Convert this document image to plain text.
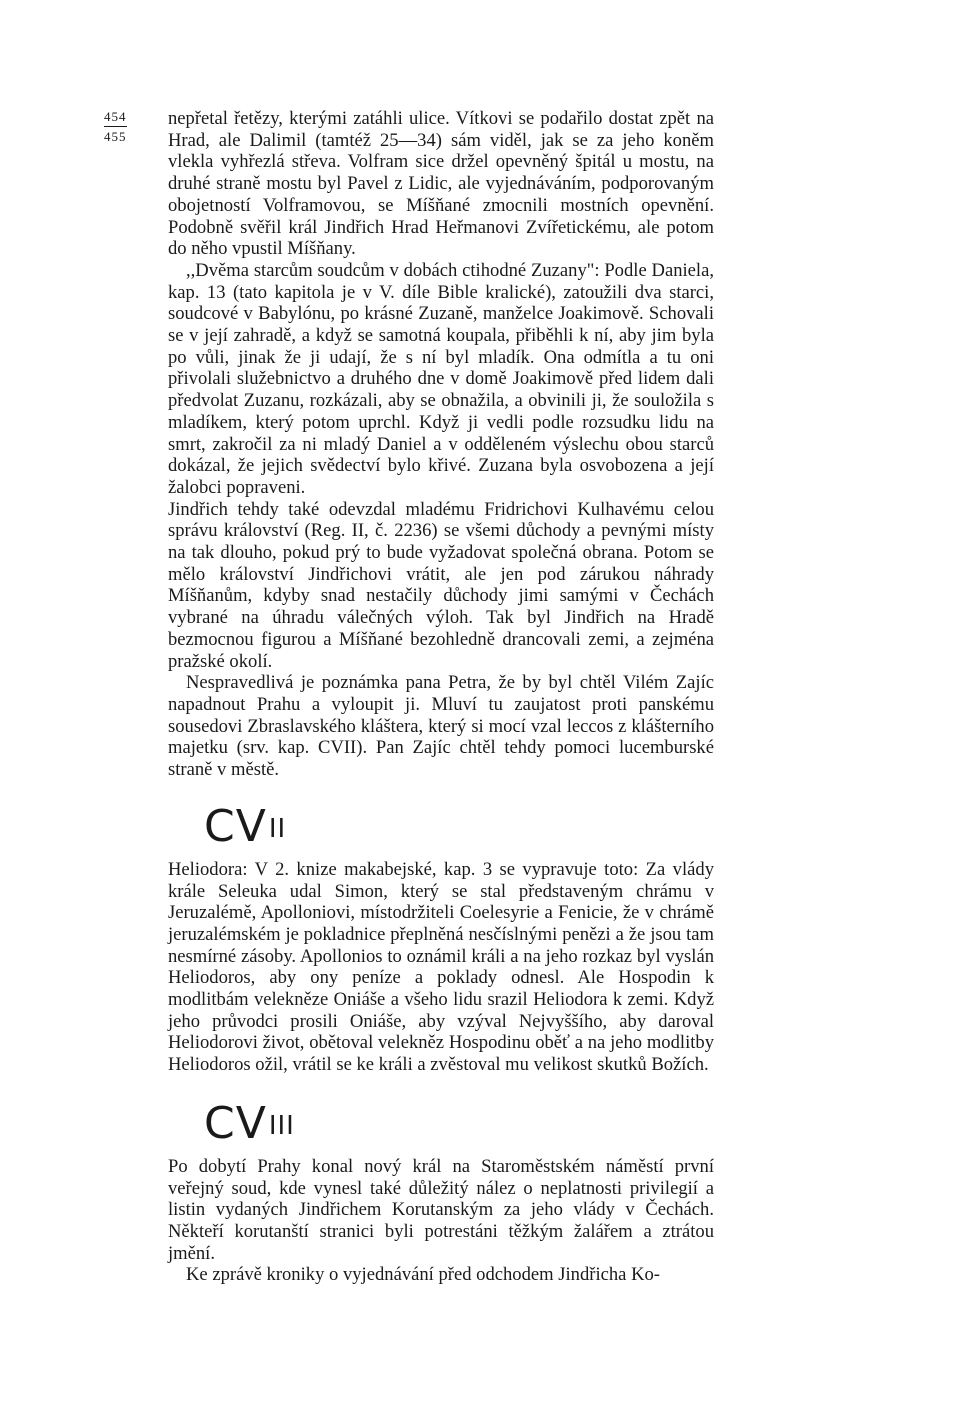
454
455

nepřetal řetězy, kterými zatáhli ulice. Vítkovi se podařilo dostat zpět na Hrad, ale Dalimil (tamtéž 25—34) sám viděl, jak se za jeho koněm vlekla vyhřezlá střeva. Volfram sice držel opevněný špitál u mostu, na druhé straně mostu byl Pavel z Lidic, ale vyjednáváním, podporovaným obojetností Volframovou, se Míšňané zmocnili mostních opevnění. Podobně svěřil král Jindřich Hrad Heřmanovi Zvířetickému, ale potom do něho vpustil Míšňany.

,,Dvěma starcům soudcům v dobách ctihodné Zuzany": Podle Daniela, kap. 13 (tato kapitola je v V. díle Bible kralické), zatoužili dva starci, soudcové v Babylónu, po krásné Zuzaně, manželce Joakimově. Schovali se v její zahradě, a když se samotná koupala, přiběhli k ní, aby jim byla po vůli, jinak že ji udají, že s ní byl mladík. Ona odmítla a tu oni přivolali služebnictvo a druhého dne v domě Joakimově před lidem dali předvolat Zuzanu, rozkázali, aby se obnažila, a obvinili ji, že souložila s mladíkem, který potom uprchl. Když ji vedli podle rozsudku lidu na smrt, zakročil za ni mladý Daniel a v odděleném výslechu obou starců dokázal, že jejich svědectví bylo křivé. Zuzana byla osvobozena a její žalobci popraveni.

Jindřich tehdy také odevzdal mladému Fridrichovi Kulhavému celou správu království (Reg. II, č. 2236) se všemi důchody a pevnými místy na tak dlouho, pokud prý to bude vyžadovat společná obrana. Potom se mělo království Jindřichovi vrátit, ale jen pod zárukou náhrady Míšňanům, kdyby snad nestačily důchody jimi samými v Čechách vybrané na úhradu válečných výloh. Tak byl Jindřich na Hradě bezmocnou figurou a Míšňané bezohledně drancovali zemi, a zejména pražské okolí.

Nespravedlivá je poznámka pana Petra, že by byl chtěl Vilém Zajíc napadnout Prahu a vyloupit ji. Mluví tu zaujatost proti panskému sousedovi Zbraslavského kláštera, který si mocí vzal leccos z klášterního majetku (srv. kap. CVII). Pan Zajíc chtěl tehdy pomoci lucemburské straně v městě.

$CV^{II}$

Heliodora: V 2. knize makabejské, kap. 3 se vypravuje toto: Za vlády krále Seleuka udal Simon, který se stal představeným chrámu v Jeruzalémě, Apolloniovi, místodržiteli Coelesyrie a Fenicie, že v chrámě jeruzalémském je pokladnice přeplněná nesčíslnými penězi a že jsou tam nesmírné zásoby. Apollonios to oznámil králi a na jeho rozkaz byl vyslán Heliodoros, aby ony peníze a poklady odnesl. Ale Hospodin k modlitbám velekněze Oniáše a všeho lidu srazil Heliodora k zemi. Když jeho průvodci prosili Oniáše, aby vzýval Nejvyššího, aby daroval Heliodorovi život, obětoval velekněz Hospodinu oběť a na jeho modlitby Heliodoros ožil, vrátil se ke králi a zvěstoval mu velikost skutků Božích.

$CV^{III}$

Po dobytí Prahy konal nový král na Staroměstském náměstí první veřejný soud, kde vynesl také důležitý nález o neplatnosti privilegií a listin vydaných Jindřichem Korutanským za jeho vlády v Čechách. Někteří korutanští stranici byli potrestáni těžkým žalářem a ztrátou jmění.

Ke zprávě kroniky o vyjednávání před odchodem Jindřicha Ko-
